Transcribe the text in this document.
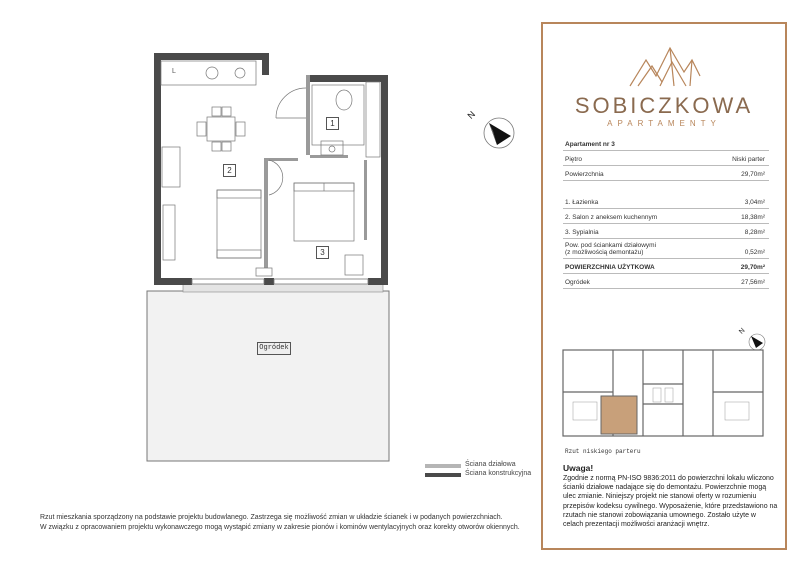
N
1
2
3
L
Ogródek
Ściana działowa
Ściana konstrukcyjna
Rzut mieszkania sporządzony na podstawie projektu budowlanego. Zastrzega się możliwość zmian w układzie ścianek i w podanych powierzchniach.
W związku z opracowaniem projektu wykonawczego mogą wystąpić zmiany w zakresie pionów i kominów wentylacyjnych oraz korekty otworów okiennych.
SOBICZKOWA
APARTAMENTY
Apartament nr 3
Piętro	Niski parter
Powierzchnia	29,70m²
1. Łazienka	3,04m²
2. Salon z aneksem kuchennym	18,38m²
3. Sypialnia	8,28m²
Pow. pod ściankami działowymi
(z możliwością demontażu)	0,52m²
POWIERZCHNIA UŻYTKOWA	29,70m²
Ogródek	27,56m²
N
Rzut niskiego parteru
Uwaga!
Zgodnie z normą PN-ISO 9836:2011 do powierzchni lokalu wliczono ścianki działowe nadające się do demontażu. Powierzchnie mogą ulec zmianie. Niniejszy projekt nie stanowi oferty w rozumieniu przepisów kodeksu cywilnego. Wyposażenie, które przedstawiono na rzutach nie stanowi zobowiązania umownego. Zostało użyte w celach prezentacji możliwości aranżacji wnętrz.
